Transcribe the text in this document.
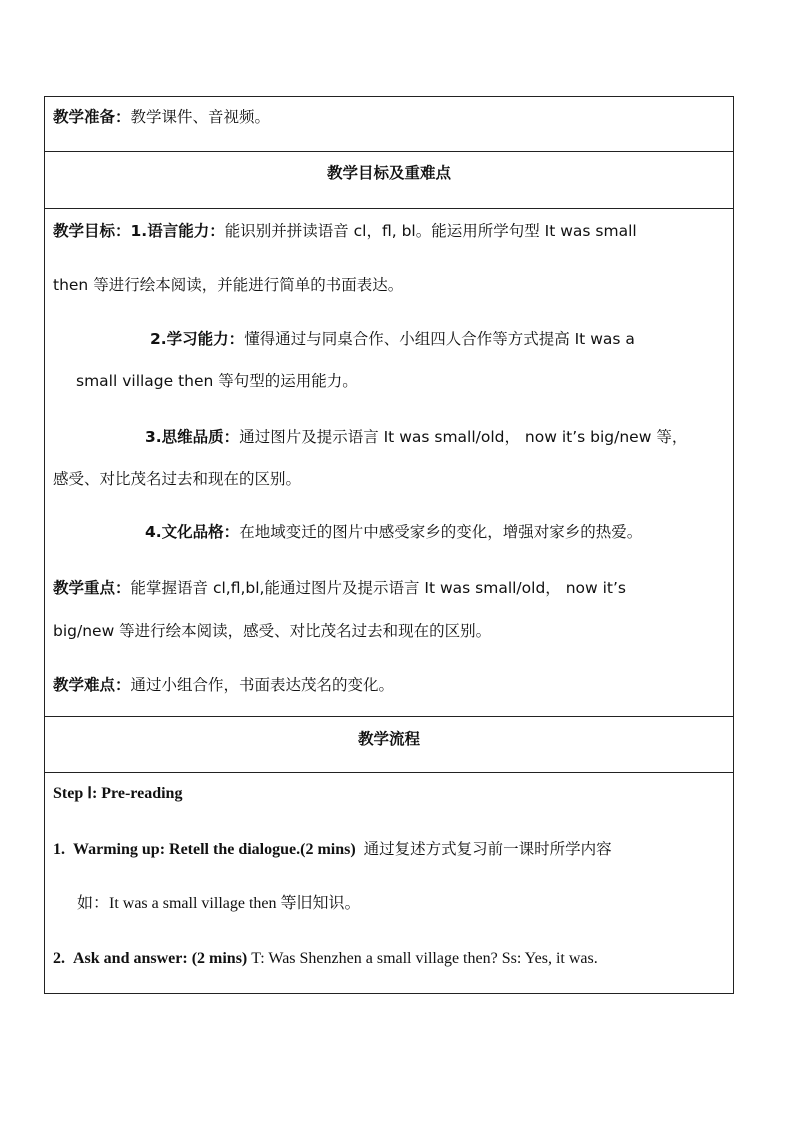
教学准备：教学课件、音视频。
教学目标及重难点
教学目标：1.语言能力：能识别并拼读语音 cl，fl, bl。能运用所学句型 It was small
then 等进行绘本阅读，并能进行简单的书面表达。
2.学习能力：懂得通过与同桌合作、小组四人合作等方式提高 It was a
small village then 等句型的运用能力。
3.思维品质：通过图片及提示语言 It was small/old， now it’s big/new 等，
感受、对比茂名过去和现在的区别。
4.文化品格：在地域变迁的图片中感受家乡的变化，增强对家乡的热爱。
教学重点：能掌握语音 cl,fl,bl,能通过图片及提示语言 It was small/old， now it’s
big/new 等进行绘本阅读，感受、对比茂名过去和现在的区别。
教学难点：通过小组合作，书面表达茂名的变化。
教学流程
Step Ⅰ: Pre-reading
1. Warming up: Retell the dialogue.(2 mins) 通过复述方式复习前一课时所学内容
如：It was a small village then 等旧知识。
2. Ask and answer: (2 mins) T: Was Shenzhen a small village then? Ss: Yes, it was.
